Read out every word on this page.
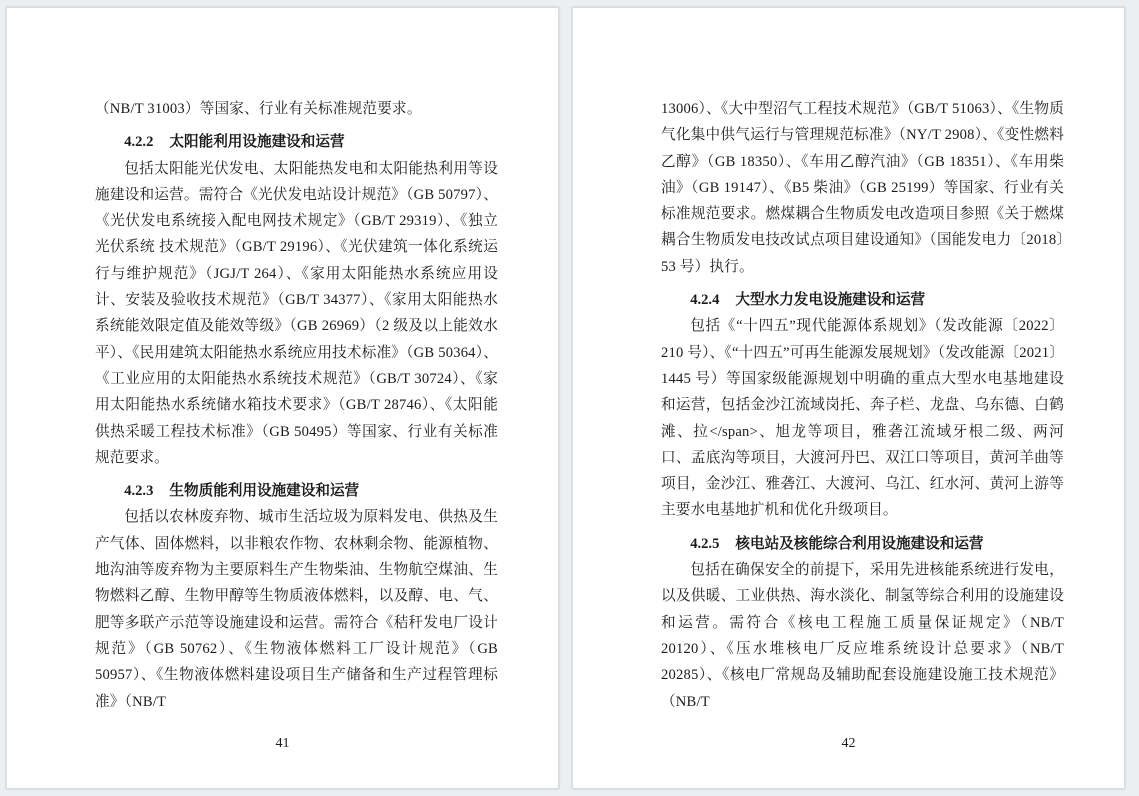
（NB/T 31003）等国家、行业有关标准规范要求。

4.2.2 太阳能利用设施建设和运营

包括太阳能光伏发电、太阳能热发电和太阳能热利用等设施建设和运营。需符合《光伏发电站设计规范》（GB 50797）、《光伏发电系统接入配电网技术规定》（GB/T 29319）、《独立光伏系统 技术规范》（GB/T 29196）、《光伏建筑一体化系统运行与维护规范》（JGJ/T 264）、《家用太阳能热水系统应用设计、安装及验收技术规范》（GB/T 34377）、《家用太阳能热水系统能效限定值及能效等级》（GB 26969）（2 级及以上能效水平）、《民用建筑太阳能热水系统应用技术标准》（GB 50364）、《工业应用的太阳能热水系统技术规范》（GB/T 30724）、《家用太阳能热水系统储水箱技术要求》（GB/T 28746）、《太阳能供热采暖工程技术标准》（GB 50495）等国家、行业有关标准规范要求。

4.2.3 生物质能利用设施建设和运营

包括以农林废弃物、城市生活垃圾为原料发电、供热及生产气体、固体燃料，以非粮农作物、农林剩余物、能源植物、地沟油等废弃物为主要原料生产生物柴油、生物航空煤油、生物燃料乙醇、生物甲醇等生物质液体燃料，以及醇、电、气、肥等多联产示范等设施建设和运营。需符合《秸秆发电厂设计规范》（GB 50762）、《生物液体燃料工厂设计规范》（GB 50957）、《生物液体燃料建设项目生产储备和生产过程管理标准》（NB/T

41

13006）、《大中型沼气工程技术规范》（GB/T 51063）、《生物质气化集中供气运行与管理规范标准》（NY/T 2908）、《变性燃料乙醇》（GB 18350）、《车用乙醇汽油》（GB 18351）、《车用柴油》（GB 19147）、《B5 柴油》（GB 25199）等国家、行业有关标准规范要求。燃煤耦合生物质发电改造项目参照《关于燃煤耦合生物质发电技改试点项目建设通知》（国能发电力〔2018〕53 号）执行。

4.2.4 大型水力发电设施建设和运营

包括《“十四五”现代能源体系规划》（发改能源〔2022〕210 号）、《“十四五”可再生能源发展规划》（发改能源〔2021〕1445 号）等国家级能源规划中明确的重点大型水电基地建设和运营，包括金沙江流域岗托、奔子栏、龙盘、乌东德、白鹤滩、拉</span>、旭龙等项目，雅砻江流域牙根二级、两河口、孟底沟等项目，大渡河丹巴、双江口等项目，黄河羊曲等项目，金沙江、雅砻江、大渡河、乌江、红水河、黄河上游等主要水电基地扩机和优化升级项目。

4.2.5 核电站及核能综合利用设施建设和运营

包括在确保安全的前提下，采用先进核能系统进行发电，以及供暖、工业供热、海水淡化、制氢等综合利用的设施建设和运营。需符合《核电工程施工质量保证规定》（NB/T 20120）、《压水堆核电厂反应堆系统设计总要求》（NB/T 20285）、《核电厂常规岛及辅助配套设施建设施工技术规范》（NB/T

42
